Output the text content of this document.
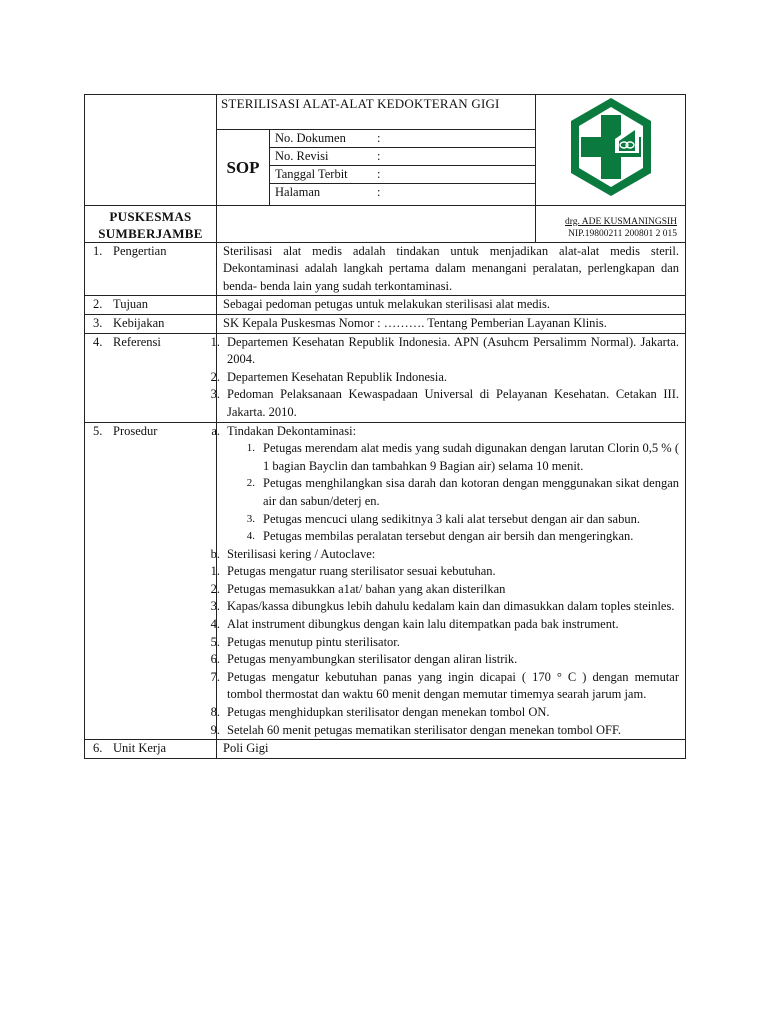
	STERILISASI ALAT-ALAT KEDOKTERAN GIGI	
SOP	
No. Dokumen	:
No. Revisi	:
Tanggal Terbit	:
Halaman	:

PUSKESMAS
SUMBERJAMBE

drg. ADE KUSMANINGSIH
NIP.19800211 200801 2 015

1. Pengertian	Sterilisasi alat medis adalah tindakan untuk menjadikan alat-alat medis steril. Dekontaminasi adalah langkah pertama dalam menangani peralatan, perlengkapan dan benda- benda lain yang sudah terkontaminasi.
2. Tujuan	Sebagai pedoman petugas untuk melakukan sterilisasi alat medis.
3. Kebijakan	SK Kepala Puskesmas Nomor : ………. Tentang Pemberian Layanan Klinis.
4. Referensi	1. Departemen Kesehatan Republik Indonesia. APN (Asuhcm Persalimm Normal). Jakarta. 2004.
2. Departemen Kesehatan Republik Indonesia.
3. Pedoman Pelaksanaan Kewaspadaan Universal di Pelayanan Kesehatan. Cetakan III. Jakarta. 2010.

5. Prosedur	a. Tindakan Dekontaminasi:
1. Petugas merendam alat medis yang sudah digunakan dengan larutan Clorin 0,5 % ( 1 bagian Bayclin dan tambahkan 9 Bagian air) selama 10 menit.
2. Petugas menghilangkan sisa darah dan kotoran dengan menggunakan sikat dengan air dan sabun/deterj en.
3. Petugas mencuci ulang sedikitnya 3 kali alat tersebut dengan air dan sabun.
4. Petugas membilas peralatan tersebut dengan air bersih dan mengeringkan.
b. Sterilisasi kering / Autoclave:
1. Petugas mengatur ruang sterilisator sesuai kebutuhan.
2. Petugas memasukkan a1at/ bahan yang akan disterilkan
3. Kapas/kassa dibungkus lebih dahulu kedalam kain dan dimasukkan dalam toples steinles.
4. Alat instrument dibungkus dengan kain lalu ditempatkan pada bak instrument.
5. Petugas menutup pintu sterilisator.
6. Petugas menyambungkan sterilisator dengan aliran listrik.
7. Petugas mengatur kebutuhan panas yang ingin dicapai ( 170 ° C ) dengan memutar tombol thermostat dan waktu 60 menit dengan memutar timemya searah jarum jam.
8. Petugas menghidupkan sterilisator dengan menekan tombol ON.
9. Setelah 60 menit petugas mematikan sterilisator dengan menekan tombol OFF.

6. Unit Kerja	Poli Gigi
